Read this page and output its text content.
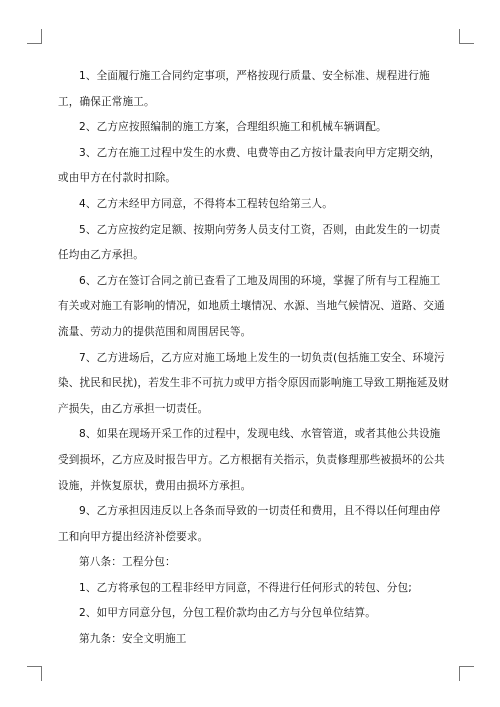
1、全面履行施工合同约定事项，严格按现行质量、安全标准、规程进行施工，确保正常施工。

2、乙方应按照编制的施工方案，合理组织施工和机械车辆调配。

3、乙方在施工过程中发生的水费、电费等由乙方按计量表向甲方定期交纳，或由甲方在付款时扣除。

4、乙方未经甲方同意，不得将本工程转包给第三人。

5、乙方应按约定足额、按期向劳务人员支付工资，否则，由此发生的一切责任均由乙方承担。

6、乙方在签订合同之前已查看了工地及周围的环境，掌握了所有与工程施工有关或对施工有影响的情况，如地质土壤情况、水源、当地气候情况、道路、交通流量、劳动力的提供范围和周围居民等。

7、乙方进场后，乙方应对施工场地上发生的一切负责(包括施工安全、环境污染、扰民和民扰)，若发生非不可抗力或甲方指令原因而影响施工导致工期拖延及财产损失，由乙方承担一切责任。

8、如果在现场开采工作的过程中，发现电线、水管管道，或者其他公共设施受到损坏，乙方应及时报告甲方。乙方根据有关指示，负责修理那些被损坏的公共设施，并恢复原状，费用由损坏方承担。

9、乙方承担因违反以上各条而导致的一切责任和费用，且不得以任何理由停工和向甲方提出经济补偿要求。

第八条：工程分包：

1、乙方将承包的工程非经甲方同意，不得进行任何形式的转包、分包;

2、如甲方同意分包，分包工程价款均由乙方与分包单位结算。

第九条：安全文明施工
